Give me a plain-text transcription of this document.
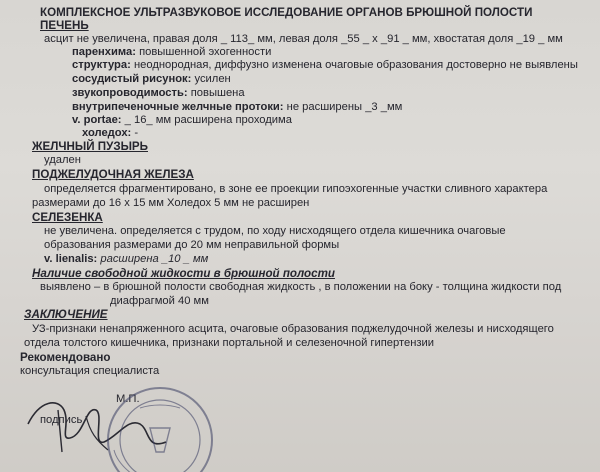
КОМПЛЕКСНОЕ УЛЬТРАЗВУКОВОЕ ИССЛЕДОВАНИЕ ОРГАНОВ БРЮШНОЙ ПОЛОСТИ
ПЕЧЕНЬ
асцит не увеличена, правая доля _ 113_ мм, левая доля _55 _ х _91 _ мм, хвостатая доля _19 _ мм
паренхима: повышенной эхогенности
структура: неоднородная, диффузно изменена очаговые образования достоверно не выявлены
сосудистый рисунок: усилен
звукопроводимость: повышена
внутрипеченочные желчные протоки: не расширены _3 _мм
v. portae: _ 16_ мм расширена проходима
холедох: -
ЖЕЛЧНЫЙ ПУЗЫРЬ
удален
ПОДЖЕЛУДОЧНАЯ ЖЕЛЕЗА
определяется фрагментировано, в зоне ее проекции гипоэхогенные участки сливного характера
размерами до 16 х 15 мм Холедох 5 мм не расширен
СЕЛЕЗЕНКА
не увеличена. определяется с трудом, по ходу нисходящего отдела кишечника очаговые
образования размерами до 20 мм неправильной формы
v. lienalis: расширена _10 _ мм
Наличие свободной жидкости в брюшной полости
выявлено – в брюшной полости свободная жидкость , в положении на боку - толщина жидкости под
диафрагмой 40 мм
ЗАКЛЮЧЕНИЕ
УЗ-признаки ненапряженного асцита, очаговые образования поджелудочной железы и нисходящего
отдела толстого кишечника, признаки портальной и селезеночной гипертензии
Рекомендовано
консультация специалиста
М.П.
подпись
